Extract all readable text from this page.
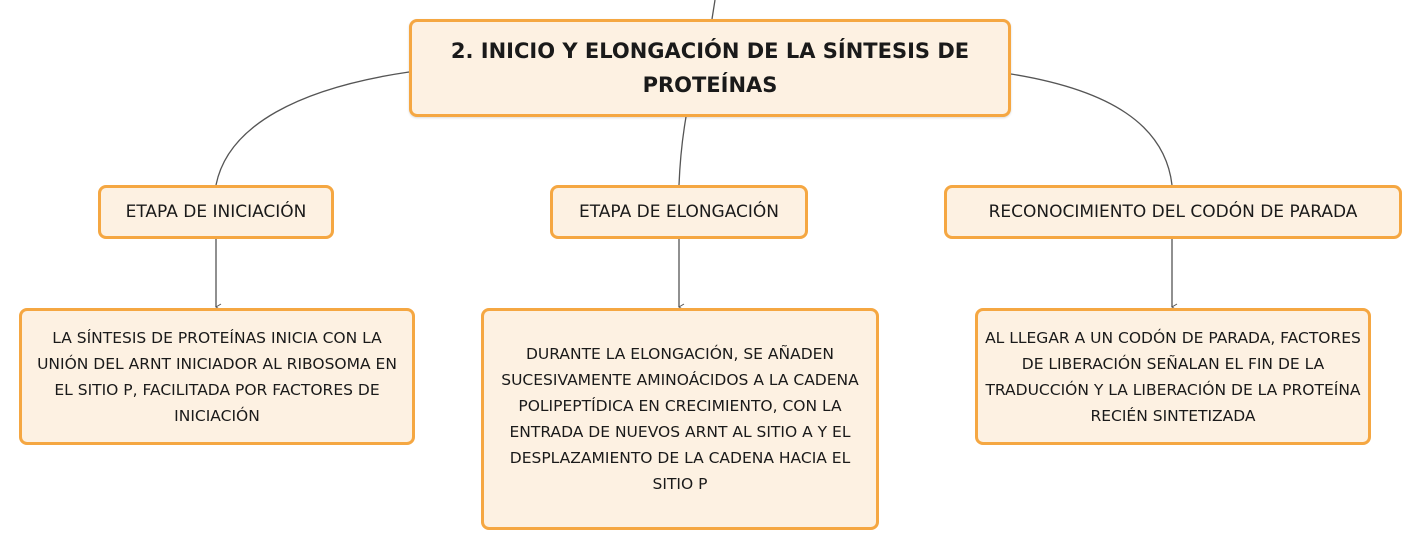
2. INICIO Y ELONGACIÓN DE LA SÍNTESIS DE PROTEÍNAS
ETAPA DE INICIACIÓN	ETAPA DE ELONGACIÓN	RECONOCIMIENTO DEL CODÓN DE PARADA
LA SÍNTESIS DE PROTEÍNAS INICIA CON LA UNIÓN DEL ARNT INICIADOR AL RIBOSOMA EN EL SITIO P, FACILITADA POR FACTORES DE INICIACIÓN
DURANTE LA ELONGACIÓN, SE AÑADEN SUCESIVAMENTE AMINOÁCIDOS A LA CADENA POLIPEPTÍDICA EN CRECIMIENTO, CON LA ENTRADA DE NUEVOS ARNT AL SITIO A Y EL DESPLAZAMIENTO DE LA CADENA HACIA EL SITIO P
AL LLEGAR A UN CODÓN DE PARADA, FACTORES DE LIBERACIÓN SEÑALAN EL FIN DE LA TRADUCCIÓN Y LA LIBERACIÓN DE LA PROTEÍNA RECIÉN SINTETIZADA
